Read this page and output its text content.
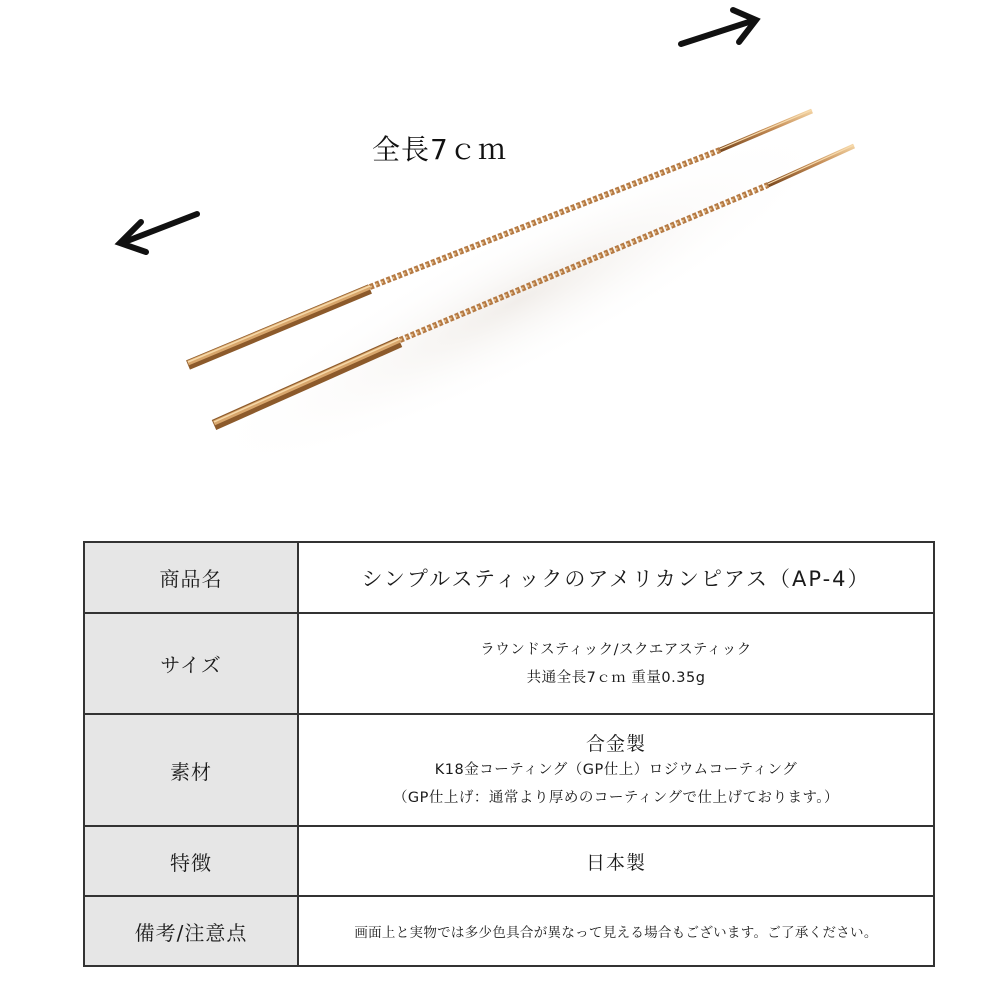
全長7ｃｍ
商品名	シンプルスティックのアメリカンピアス（AP-4）

サイズ	ラウンドスティック/スクエアスティック
共通全長7ｃｍ 重量0.35g

素材	合金製
K18金コーティング（GP仕上）ロジウムコーティング
（GP仕上げ：通常より厚めのコーティングで仕上げております。）

特徴	日本製

備考/注意点	画面上と実物では多少色具合が異なって見える場合もございます。ご了承ください。
